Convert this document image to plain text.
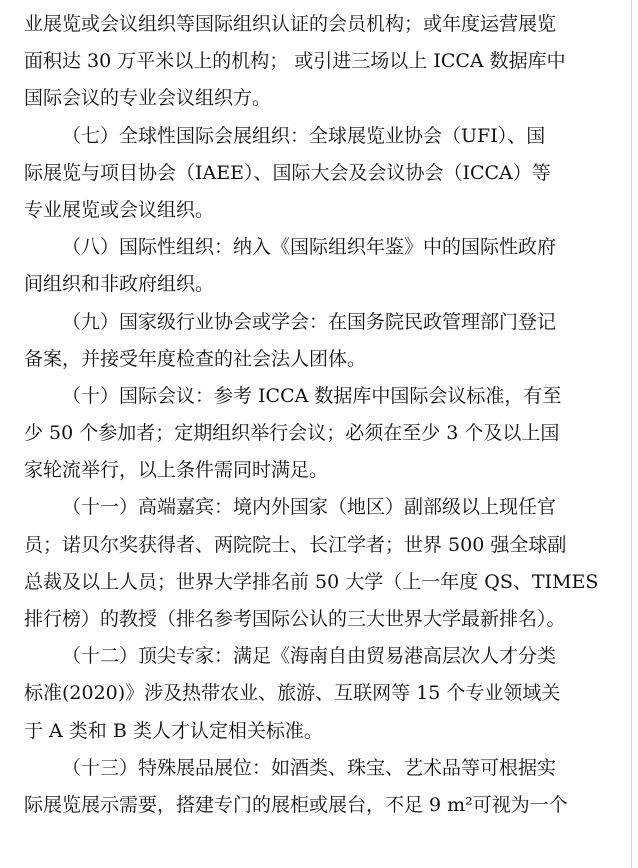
业展览或会议组织等国际组织认证的会员机构；或年度运营展览
面积达 30 万平米以上的机构； 或引进三场以上 ICCA 数据库中
国际会议的专业会议组织方。
（七）全球性国际会展组织：全球展览业协会（UFI）、国
际展览与项目协会（IAEE）、国际大会及会议协会（ICCA）等
专业展览或会议组织。
（八）国际性组织：纳入《国际组织年鉴》中的国际性政府
间组织和非政府组织。
（九）国家级行业协会或学会：在国务院民政管理部门登记
备案，并接受年度检查的社会法人团体。
（十）国际会议：参考 ICCA 数据库中国际会议标准，有至
少 50 个参加者；定期组织举行会议；必须在至少 3 个及以上国
家轮流举行，以上条件需同时满足。
（十一）高端嘉宾：境内外国家（地区）副部级以上现任官
员；诺贝尔奖获得者、两院院士、长江学者；世界 500 强全球副
总裁及以上人员；世界大学排名前 50 大学（上一年度 QS、TIMES
排行榜）的教授（排名参考国际公认的三大世界大学最新排名）。
（十二）顶尖专家：满足《海南自由贸易港高层次人才分类
标准(2020)》涉及热带农业、旅游、互联网等 15 个专业领域关
于 A 类和 B 类人才认定相关标准。
（十三）特殊展品展位：如酒类、珠宝、艺术品等可根据实
际展览展示需要，搭建专门的展柜或展台，不足 9 m²可视为一个
